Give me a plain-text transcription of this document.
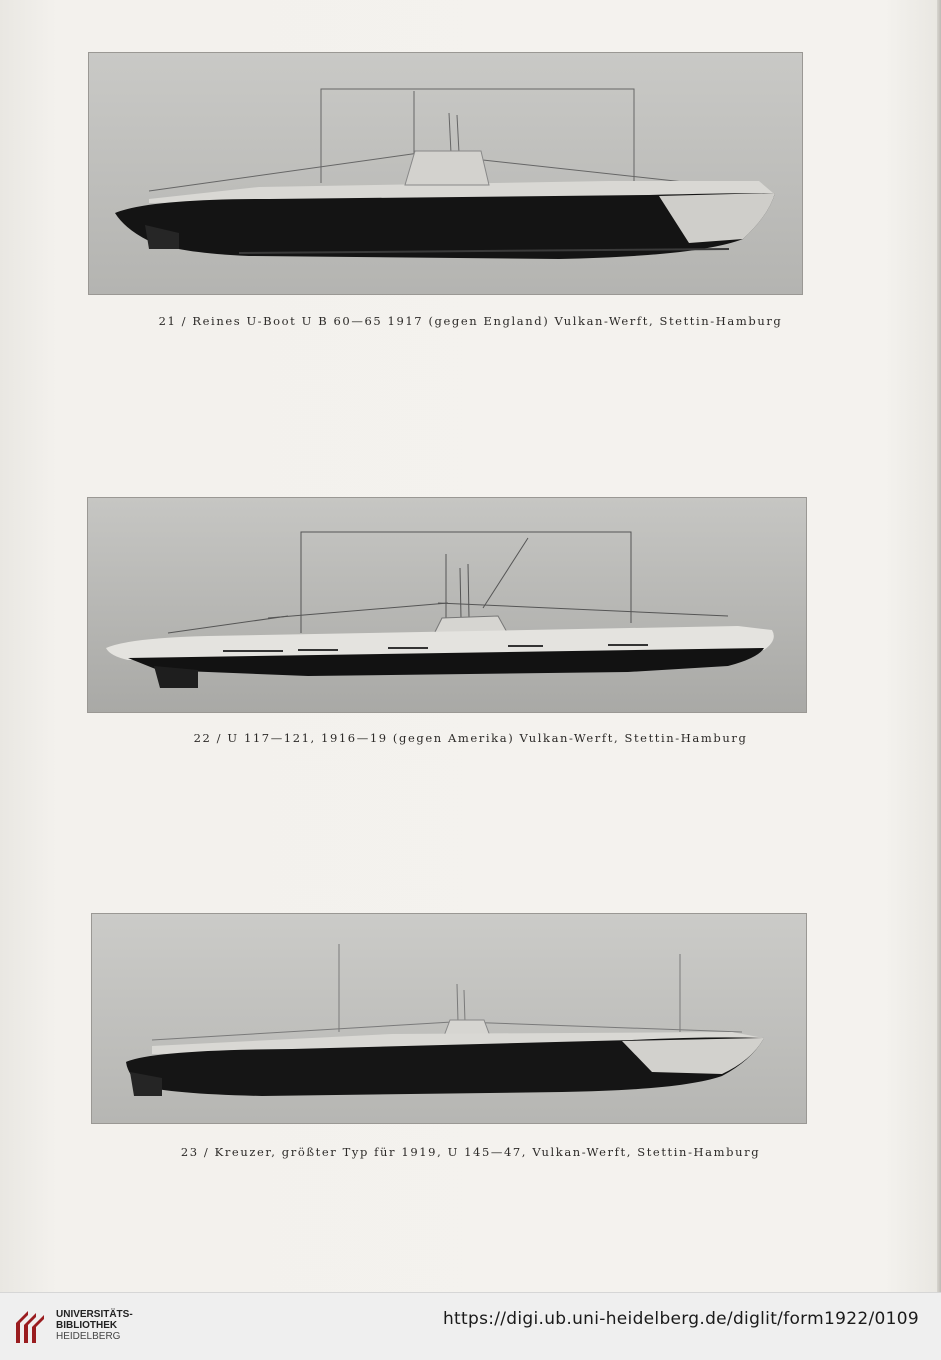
21 / Reines U-Boot U B 60—65 1917 (gegen England) Vulkan-Werft, Stettin-Hamburg
22 / U 117—121, 1916—19 (gegen Amerika) Vulkan-Werft, Stettin-Hamburg
23 / Kreuzer, größter Typ für 1919, U 145—47, Vulkan-Werft, Stettin-Hamburg
UNIVERSITÄTS-
BIBLIOTHEK
HEIDELBERG
https://digi.ub.uni-heidelberg.de/diglit/form1922/0109
